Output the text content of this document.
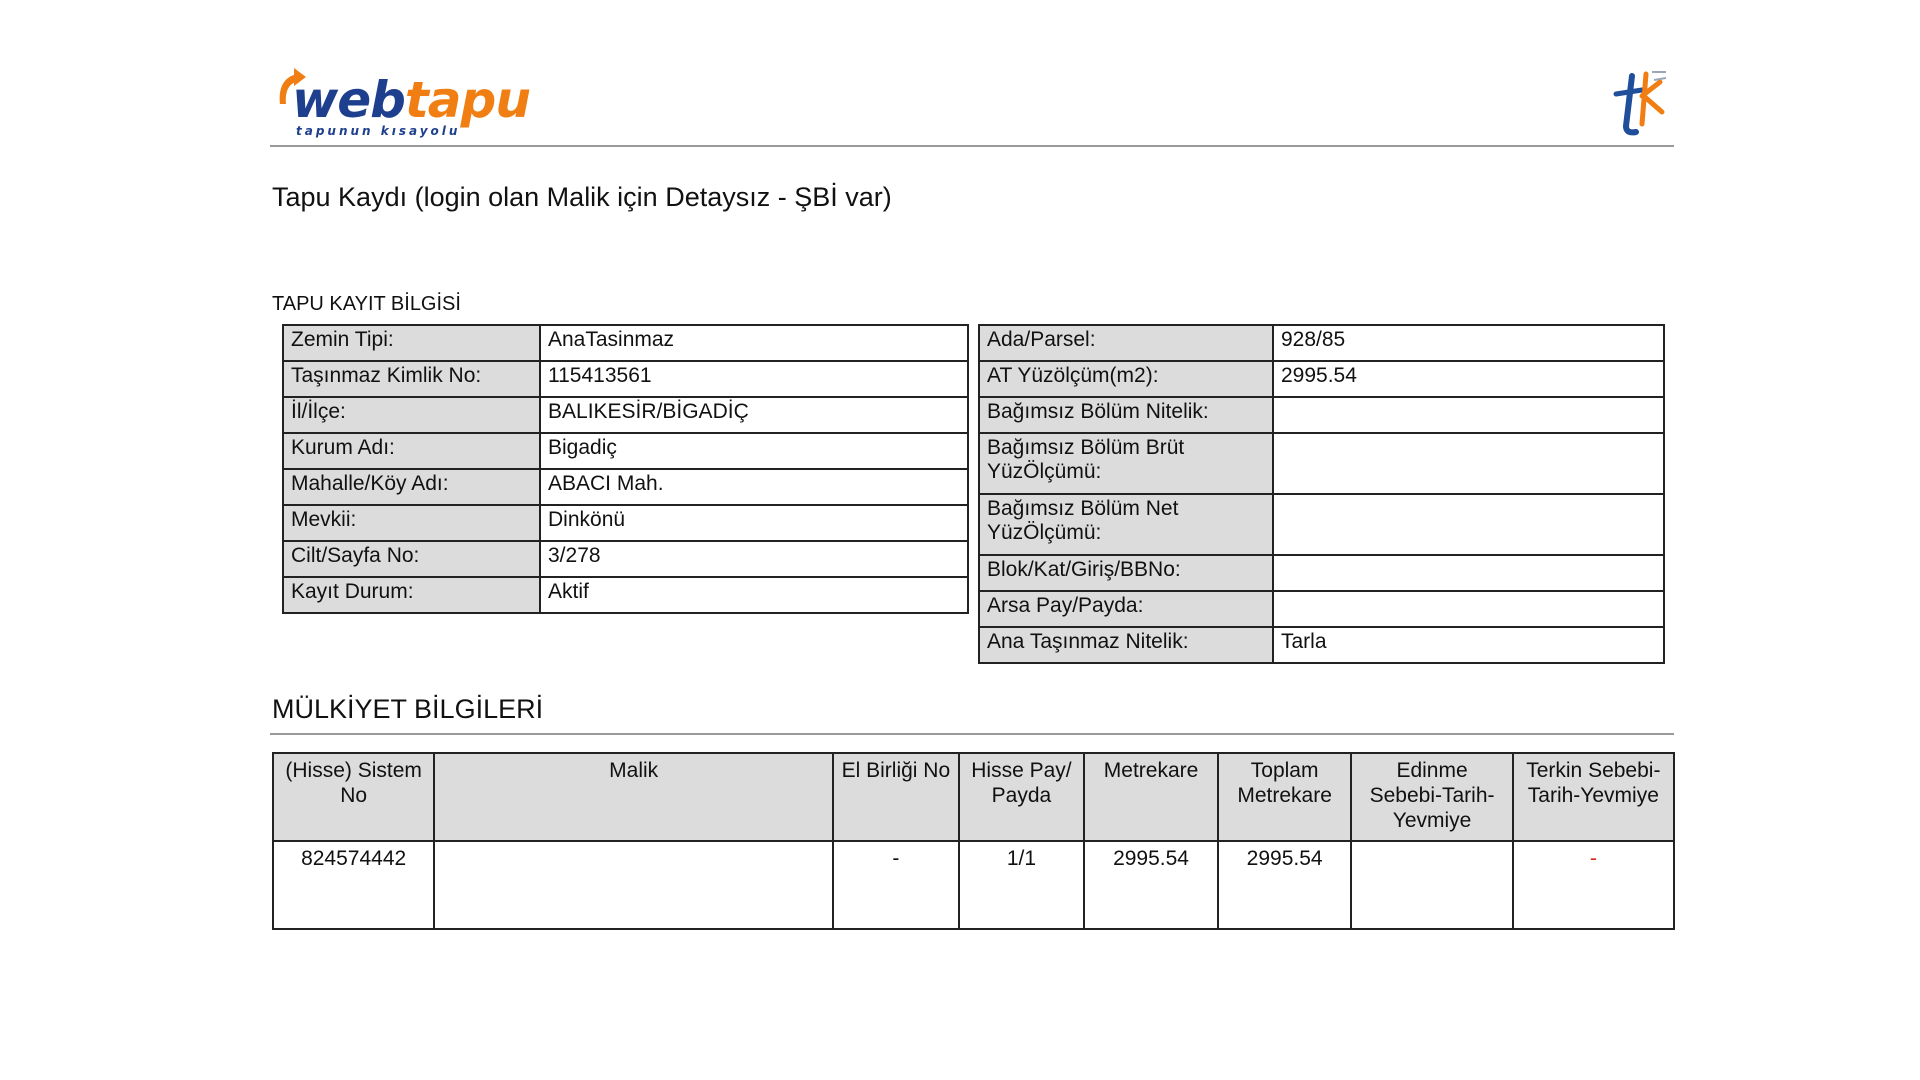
webtapu
tapunun kısayolu
Tapu Kaydı (login olan Malik için Detaysız - ŞBİ var)
TAPU KAYIT BİLGİSİ
Zemin Tipi:	AnaTasinmaz
Taşınmaz Kimlik No:	115413561
İl/İlçe:	BALIKESİR/BİGADİÇ
Kurum Adı:	Bigadiç
Mahalle/Köy Adı:	ABACI Mah.
Mevkii:	Dinkönü
Cilt/Sayfa No:	3/278
Kayıt Durum:	Aktif
Ada/Parsel:	928/85
AT Yüzölçüm(m2):	2995.54
Bağımsız Bölüm Nitelik:	
Bağımsız Bölüm Brüt YüzÖlçümü:	
Bağımsız Bölüm Net YüzÖlçümü:	
Blok/Kat/Giriş/BBNo:	
Arsa Pay/Payda:	
Ana Taşınmaz Nitelik:	Tarla
MÜLKİYET BİLGİLERİ
(Hisse) Sistem No	Malik	El Birliği No	Hisse Pay/ Payda	Metrekare	Toplam Metrekare	Edinme Sebebi-Tarih-Yevmiye	Terkin Sebebi-Tarih-Yevmiye
824574442		-	1/1	2995.54	2995.54		-
